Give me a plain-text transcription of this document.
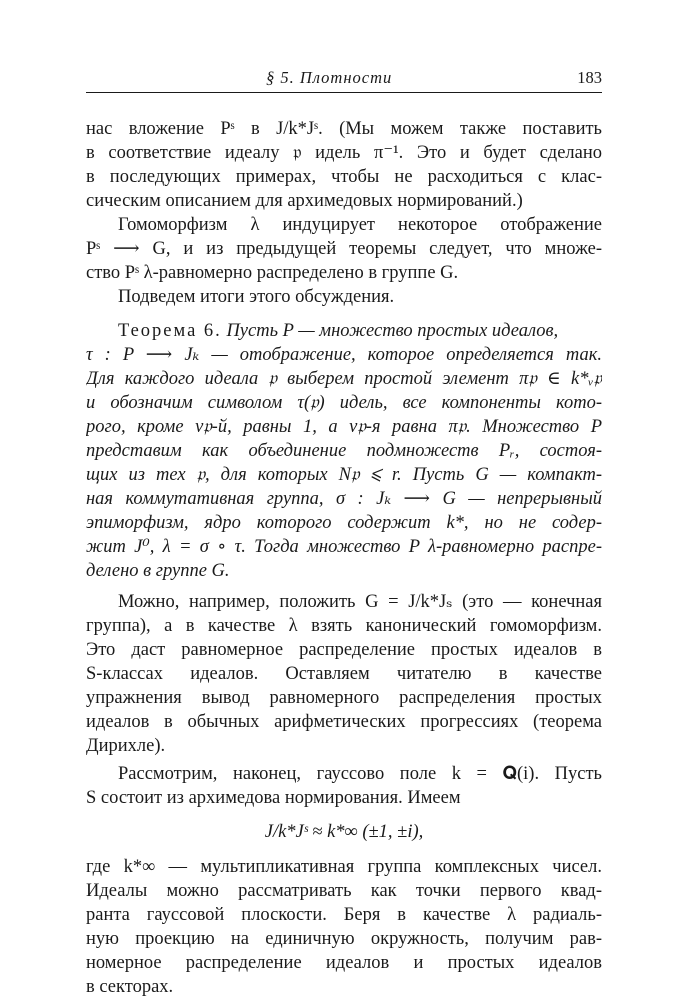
§ 5. Плотности	183
нас вложение Pˢ в J/k*Jˢ. (Мы можем также поставить
в соответствие идеалу 𝔭 идель π⁻¹. Это и будет сделано
в последующих примерах, чтобы не расходиться с клас-
сическим описанием для архимедовых нормирований.)
Гомоморфизм λ индуцирует некоторое отображение
Pˢ ⟶ G, и из предыдущей теоремы следует, что множе-
ство Pˢ λ-равномерно распределено в группе G.
Подведем итоги этого обсуждения.
Теорема 6. Пусть P — множество простых идеалов,
τ : P ⟶ Jₖ — отображение, которое определяется так.
Для каждого идеала 𝔭 выберем простой элемент π𝔭 ∈ k*ᵥ𝔭
и обозначим символом τ(𝔭) идель, все компоненты кото-
рого, кроме v𝔭-й, равны 1, а v𝔭-я равна π𝔭. Множество P
представим как объединение подмножеств Pᵣ, состоя-
щих из тех 𝔭, для которых N𝔭 ⩽ r. Пусть G — компакт-
ная коммутативная группа, σ : Jₖ ⟶ G — непрерывный
эпиморфизм, ядро которого содержит k*, но не содер-
жит J⁰, λ = σ ∘ τ. Тогда множество P λ-равномерно распре-
делено в группе G.
Можно, например, положить G = J/k*Jₛ (это — конечная
группа), а в качестве λ взять канонический гомоморфизм.
Это даст равномерное распределение простых идеалов в
S-классах идеалов. Оставляем читателю в качестве
упражнения вывод равномерного распределения простых
идеалов в обычных арифметических прогрессиях (теорема
Дирихле).
Рассмотрим, наконец, гауссово поле k = 𝐐(i). Пусть
S состоит из архимедова нормирования. Имеем
J/k*Jˢ ≈ k*∞ (±1, ±i),
где k*∞ — мультипликативная группа комплексных чисел.
Идеалы можно рассматривать как точки первого квад-
ранта гауссовой плоскости. Беря в качестве λ радиаль-
ную проекцию на единичную окружность, получим рав-
номерное распределение идеалов и простых идеалов
в секторах.
